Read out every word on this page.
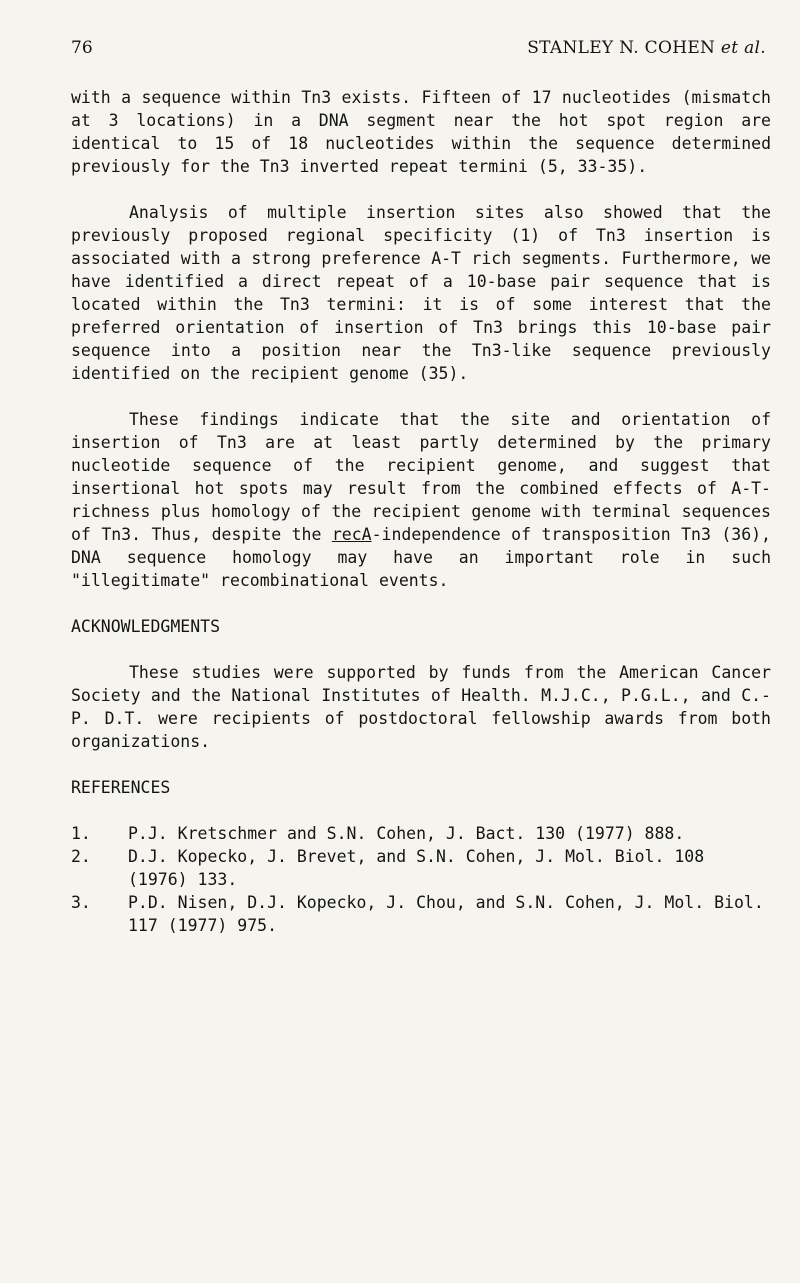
76	STANLEY N. COHEN et al.

with a sequence within Tn3 exists. Fifteen of 17 nucleotides (mismatch at 3 locations) in a DNA segment near the hot spot region are identical to 15 of 18 nucleotides within the sequence determined previously for the Tn3 inverted repeat termini (5, 33-35).

Analysis of multiple insertion sites also showed that the previously proposed regional specificity (1) of Tn3 insertion is associated with a strong preference A-T rich segments. Furthermore, we have identified a direct repeat of a 10-base pair sequence that is located within the Tn3 termini: it is of some interest that the preferred orientation of insertion of Tn3 brings this 10-base pair sequence into a position near the Tn3-like sequence previously identified on the recipient genome (35).

These findings indicate that the site and orientation of insertion of Tn3 are at least partly determined by the primary nucleotide sequence of the recipient genome, and suggest that insertional hot spots may result from the combined effects of A-T-richness plus homology of the recipient genome with terminal sequences of Tn3. Thus, despite the recA-independence of transposition Tn3 (36), DNA sequence homology may have an important role in such "illegitimate" recombinational events.

ACKNOWLEDGMENTS

These studies were supported by funds from the American Cancer Society and the National Institutes of Health. M.J.C., P.G.L., and C.-P. D.T. were recipients of postdoctoral fellowship awards from both organizations.

REFERENCES

1. P.J. Kretschmer and S.N. Cohen, J. Bact. 130 (1977) 888.
2. D.J. Kopecko, J. Brevet, and S.N. Cohen, J. Mol. Biol. 108 (1976) 133.
3. P.D. Nisen, D.J. Kopecko, J. Chou, and S.N. Cohen, J. Mol. Biol. 117 (1977) 975.
